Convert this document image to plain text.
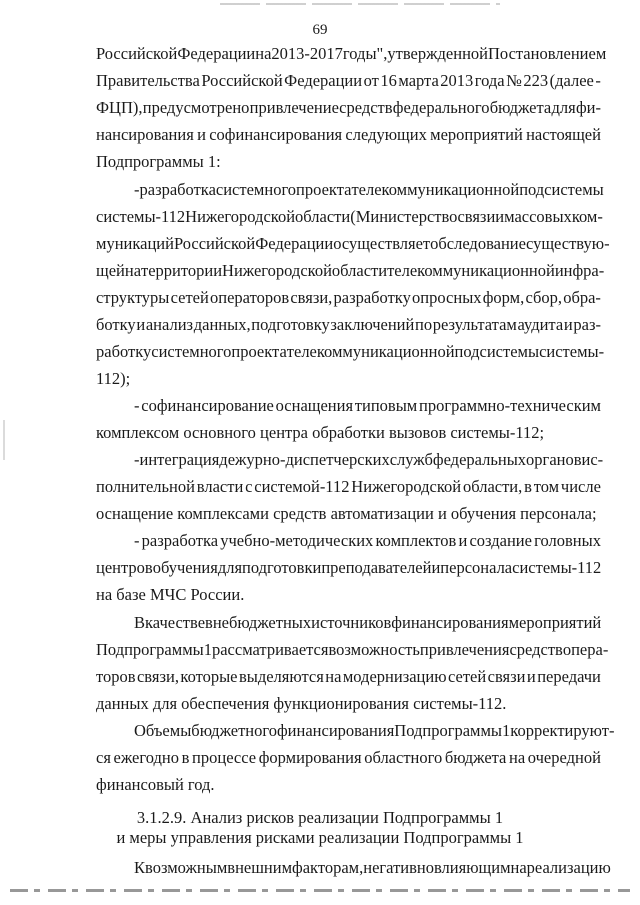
69
Российской Федерации на 2013 - 2017 годы", утвержденной Постановлением
Правительства Российской Федерации от 16 марта 2013 года № 223 (далее -
ФЦП), предусмотрено привлечение средств федерального бюджета для фи-
нансирования и софинансирования следующих мероприятий настоящей
Подпрограммы 1:
- разработка системного проекта телекоммуникационной подсистемы
системы-112 Нижегородской области (Министерство связи и массовых ком-
муникаций Российской Федерации осуществляет обследование существую-
щей на территории Нижегородской области телекоммуникационной инфра-
структуры сетей операторов связи, разработку опросных форм, сбор, обра-
ботку и анализ данных, подготовку заключений по результатам аудита и раз-
работку системного проекта телекоммуникационной подсистемы системы-
112);
- софинансирование оснащения типовым программно-техническим
комплексом основного центра обработки вызовов системы-112;
- интеграция дежурно-диспетчерских служб федеральных органов ис-
полнительной власти с системой-112 Нижегородской области, в том числе
оснащение комплексами средств автоматизации и обучения персонала;
- разработка учебно-методических комплектов и создание головных
центров обучения для подготовки преподавателей и персонала системы-112
на базе МЧС России.
В качестве внебюджетных источников финансирования мероприятий
Подпрограммы 1 рассматривается возможность привлечения средств опера-
торов связи, которые выделяются на модернизацию сетей связи и передачи
данных для обеспечения функционирования системы-112.
Объемы бюджетного финансирования Подпрограммы 1 корректируют-
ся ежегодно в процессе формирования областного бюджета на очередной
финансовый год.
3.1.2.9. Анализ рисков реализации Подпрограммы 1
и меры управления рисками реализации Подпрограммы 1
К возможным внешним факторам, негативно влияющим на реализацию
